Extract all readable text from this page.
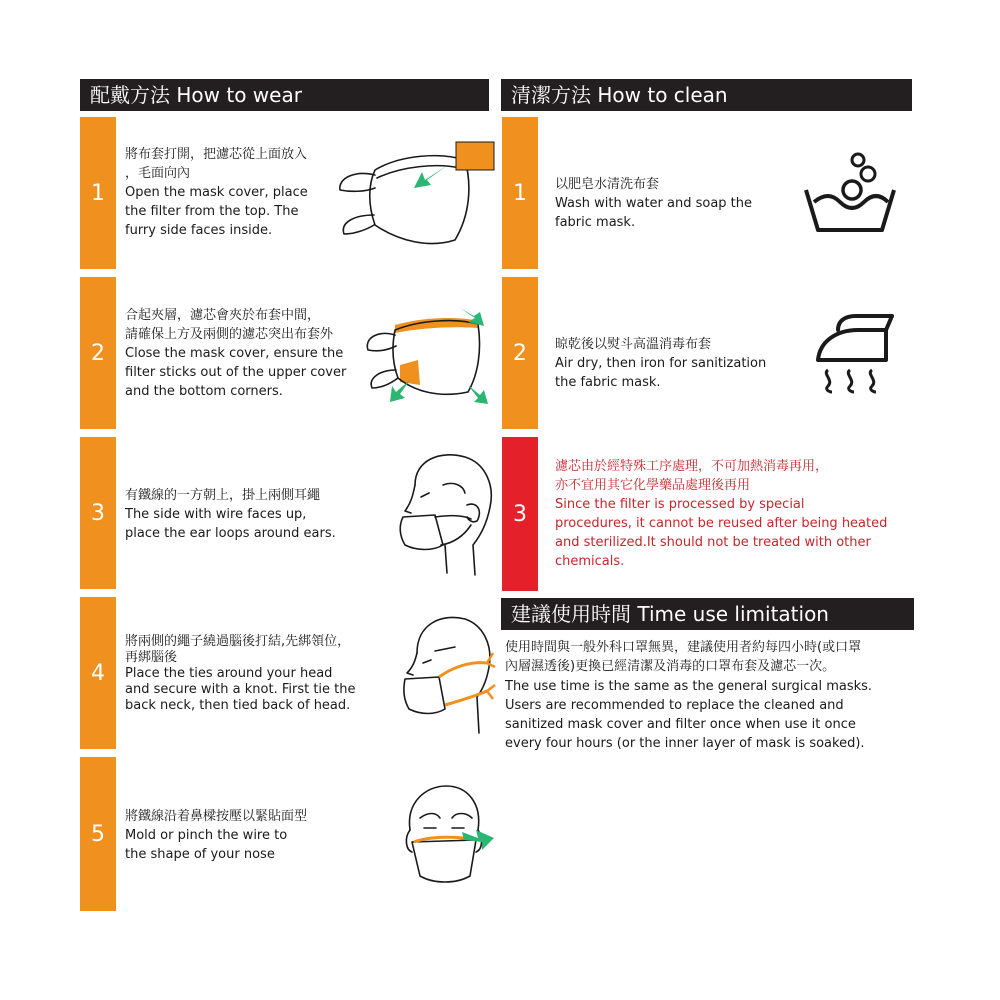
配戴方法 How to wear
1
將布套打開，把濾芯從上面放入
，毛面向內
Open the mask cover, place
the filter from the top. The
furry side faces inside.
2
合起夾層，濾芯會夾於布套中間，
請確保上方及兩側的濾芯突出布套外
Close the mask cover, ensure the
filter sticks out of the upper cover
and the bottom corners.
3
有鐵線的一方朝上，掛上兩側耳繩
The side with wire faces up,
place the ear loops around ears.
4
將兩側的繩子繞過腦後打結,先綁領位，
再綁腦後
Place the ties around your head
and secure with a knot. First tie the
back neck, then tied back of head.
5
將鐵線沿着鼻樑按壓以緊貼面型
Mold or pinch the wire to
the shape of your nose
清潔方法 How to clean
1	以肥皂水清洗布套
Wash with water and soap the
fabric mask.
2	晾乾後以熨斗高溫消毒布套
Air dry, then iron for sanitization
the fabric mask.
3
濾芯由於經特殊工序處理，不可加熱消毒再用，
亦不宜用其它化學藥品處理後再用
Since the filter is processed by special
procedures, it cannot be reused after being heated
and sterilized.It should not be treated with other
chemicals.
建議使用時間 Time use limitation
使用時間與一般外科口罩無異，建議使用者約每四小時(或口罩
內層濕透後)更換已經清潔及消毒的口罩布套及濾芯一次。
The use time is the same as the general surgical masks.
Users are recommended to replace the cleaned and
sanitized mask cover and filter once when use it once
every four hours (or the inner layer of mask is soaked).
